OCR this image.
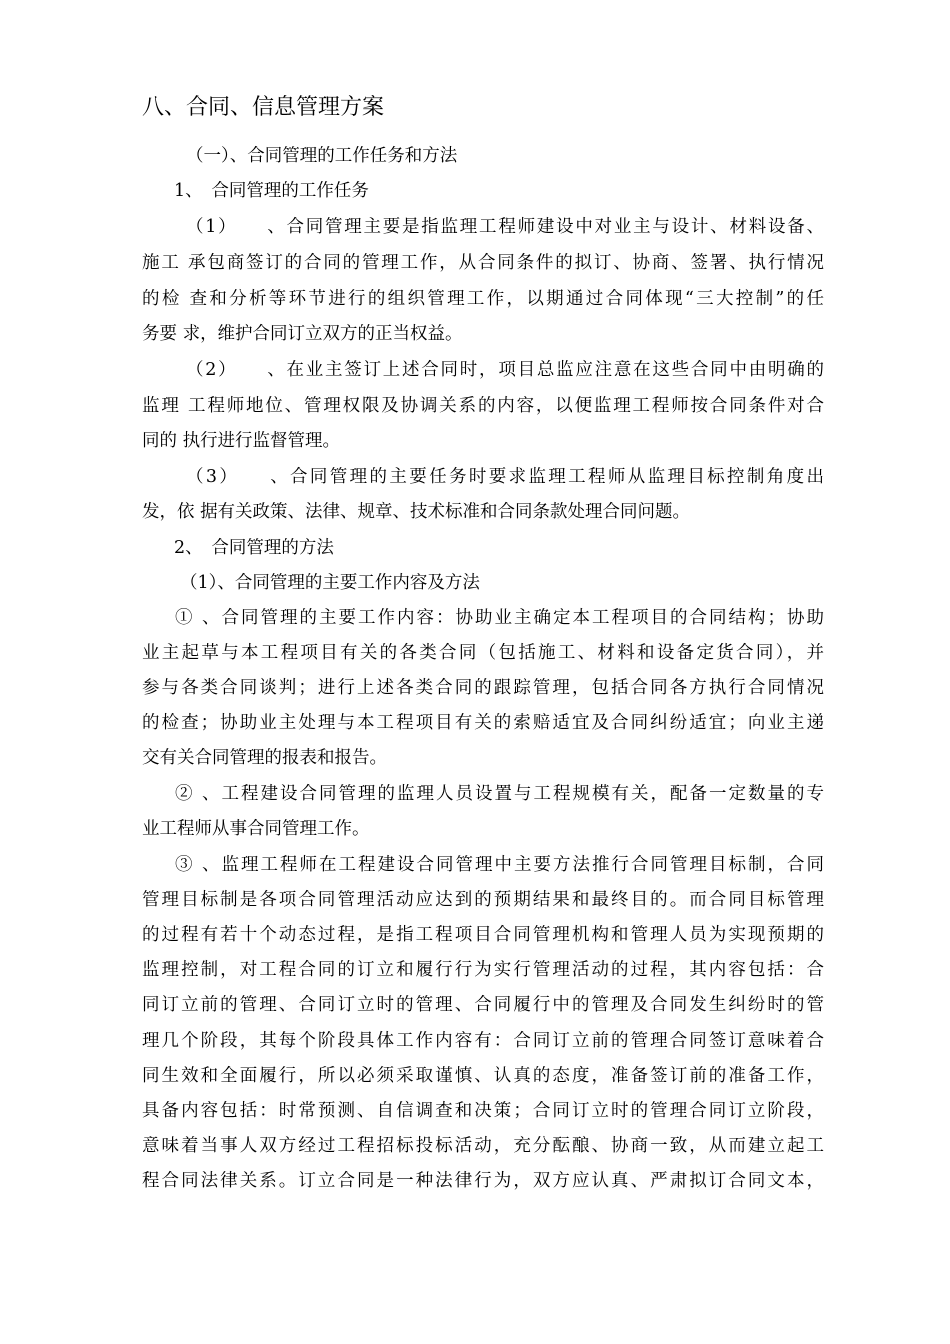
八、合同、信息管理方案
（一）、合同管理的工作任务和方法
1、　合同管理的工作任务
（1）　　、合同管理主要是指监理工程师建设中对业主与设计、材料设备、
施工 承包商签订的合同的管理工作，从合同条件的拟订、协商、签署、执行情况
的检 查和分析等环节进行的组织管理工作，以期通过合同体现“三大控制”的任
务要 求，维护合同订立双方的正当权益。
（2）　　、在业主签订上述合同时，项目总监应注意在这些合同中由明确的
监理 工程师地位、管理权限及协调关系的内容，以便监理工程师按合同条件对合
同的 执行进行监督管理。
（3）　　、合同管理的主要任务时要求监理工程师从监理目标控制角度出
发，依 据有关政策、法律、规章、技术标准和合同条款处理合同问题。
2、　合同管理的方法
（1）、合同管理的主要工作内容及方法
① 、合同管理的主要工作内容：协助业主确定本工程项目的合同结构；协助
业主起草与本工程项目有关的各类合同（包括施工、材料和设备定货合同），并
参与各类合同谈判；进行上述各类合同的跟踪管理，包括合同各方执行合同情况
的检查；协助业主处理与本工程项目有关的索赔适宜及合同纠纷适宜；向业主递
交有关合同管理的报表和报告。
② 、工程建设合同管理的监理人员设置与工程规模有关，配备一定数量的专
业工程师从事合同管理工作。
③ 、监理工程师在工程建设合同管理中主要方法推行合同管理目标制，合同
管理目标制是各项合同管理活动应达到的预期结果和最终目的。而合同目标管理
的过程有若十个动态过程，是指工程项目合同管理机构和管理人员为实现预期的
监理控制，对工程合同的订立和履行行为实行管理活动的过程，其内容包括：合
同订立前的管理、合同订立时的管理、合同履行中的管理及合同发生纠纷时的管
理几个阶段，其每个阶段具体工作内容有：合同订立前的管理合同签订意味着合
同生效和全面履行，所以必须采取谨慎、认真的态度，准备签订前的准备工作，
具备内容包括：时常预测、自信调查和决策；合同订立时的管理合同订立阶段，
意味着当事人双方经过工程招标投标活动，充分酝酿、协商一致，从而建立起工
程合同法律关系。订立合同是一种法律行为，双方应认真、严肃拟订合同文本，
